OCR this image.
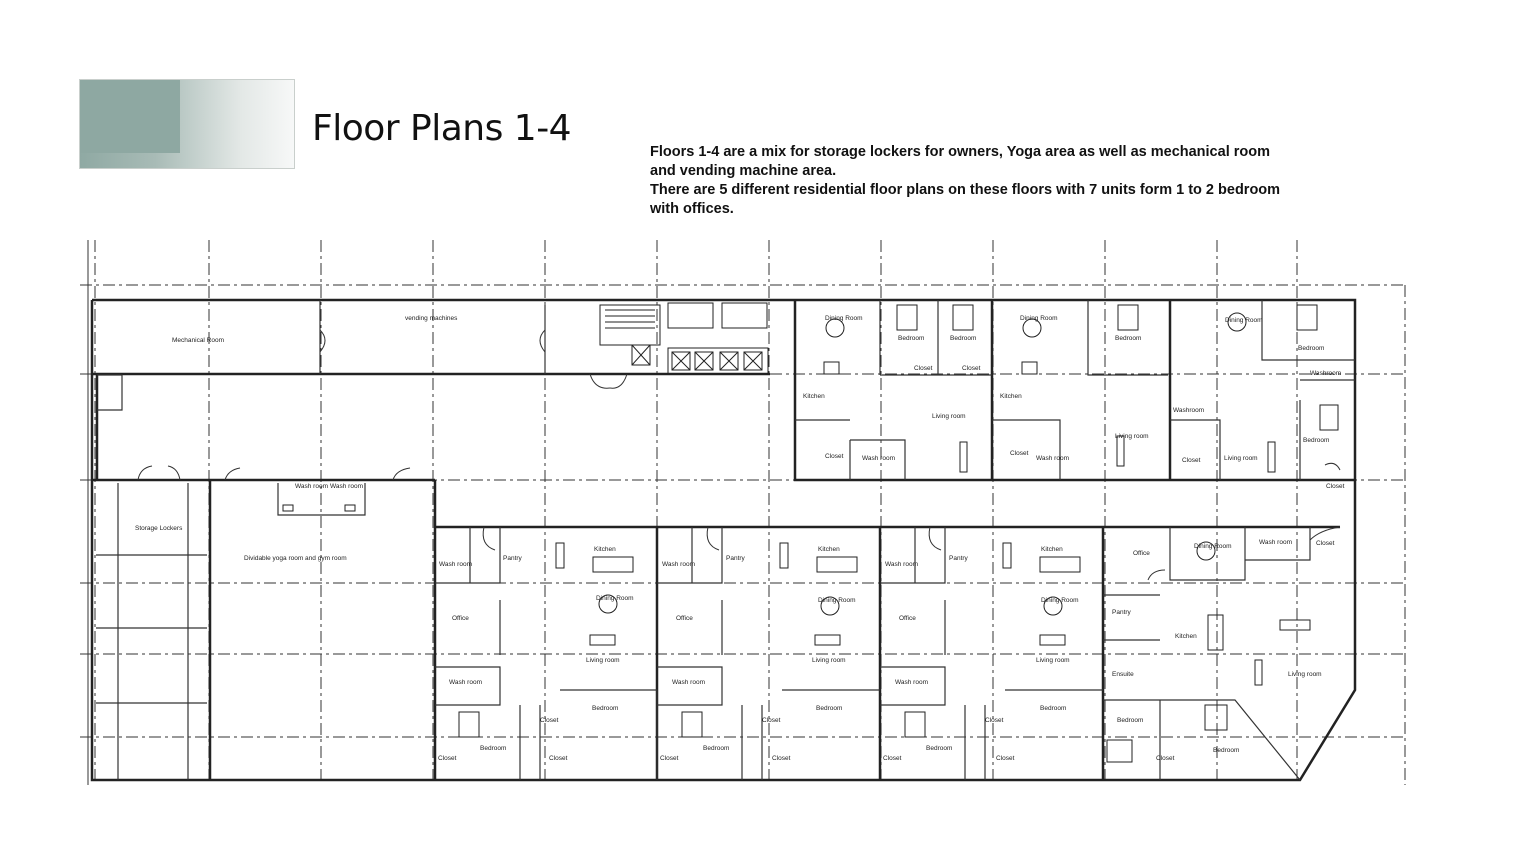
Floor Plans 1-4

Floors 1-4 are a mix for storage lockers for owners, Yoga area as well as mechanical room and vending machine area.

There are 5 different residential floor plans on these floors with 7 units form 1 to 2 bedroom with offices.

Mechanical Room
vending machines
Storage Lockers
Dividable yoga room and gym room
Wash room Wash room
Dining Room
Bedroom	Bedroom
Closet	Closet
Kitchen
Living room
Closet	Wash room
Dining Room
Bedroom
Kitchen
Living room
Closet
Wash room
Dining Room
Bedroom
Washroom
Washroom
Bedroom
Closet	Living room
Closet
Closet
Kitchen
Pantry
Wash room
Dining Room
Office
Living room
Wash room
Bedroom
Closet
Bedroom
Closet	Closet
Kitchen
Pantry
Wash room
Dining Room
Office
Living room
Wash room
Bedroom
Closet
Bedroom
Closet	Closet
Kitchen
Pantry
Wash room
Dining Room
Office
Living room
Wash room
Bedroom
Closet
Bedroom
Closet	Closet
Office
Dining Room
Wash room
Pantry
Kitchen
Ensuite	Living room
Bedroom
Bedroom
Closet
